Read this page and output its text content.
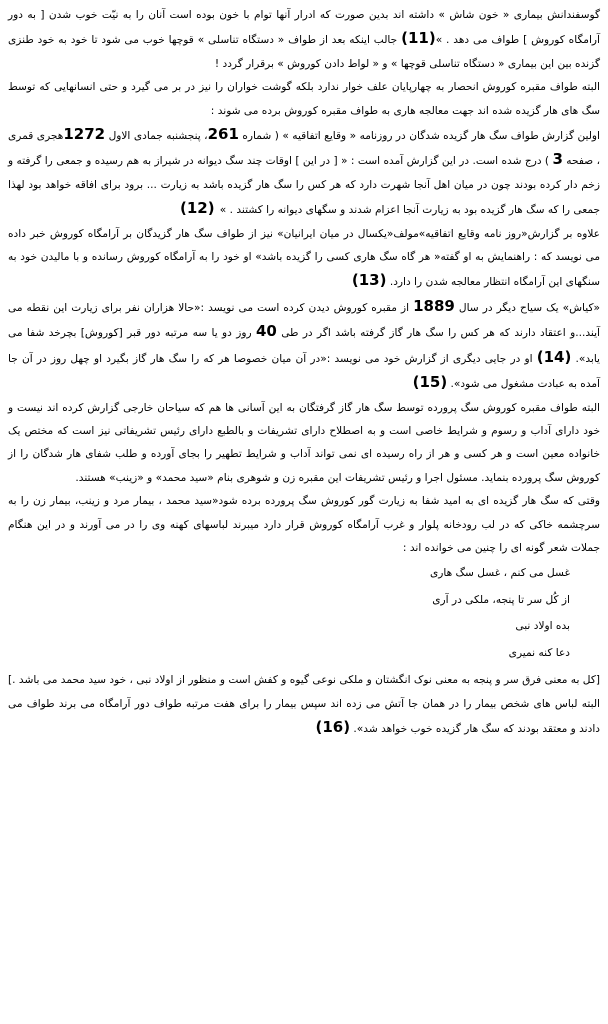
گوسفندانش بیماری « خون شاش » داشته اند بدین صورت که ادرار آنها توام با خون بوده است آنان را به نیّت خوب شدن [ به دور آرامگاه کوروش ] طواف می دهد . »(11) جالب اینکه بعد از طواف « دستگاه تناسلی » قوچها خوب می شود تا خود به خود طنزی گزنده بین این بیماری « دستگاه تناسلی قوچها » و « لواط دادن کوروش » برقرار گردد !

البته طواف مقبره کوروش انحصار به چهارپایان علف خوار ندارد بلکه گوشت خواران را نیز در بر می گیرد و حتی انسانهایی که توسط سگ های هار گزیده شده اند جهت معالجه هاری به طواف مقبره کوروش برده می شوند :

اولین گزارش طواف سگ هار گزیده شدگان در روزنامه « وقایع اتفاقیه » ( شماره 261، پنجشنبه جمادی الاول 1272هجری قمری ، صفحه 3 ) درج شده است. در این گزارش آمده است : « [ در این ] اوقات چند سگ دیوانه در شیراز به هم رسیده و جمعی را گرفته و زخم دار کرده بودند چون در میان اهل آنجا شهرت دارد که هر کس را سگ هار گزیده باشد به زیارت ... برود برای افاقه خواهد بود لهذا جمعی را که سگ هار گزیده بود به زیارت آنجا اعزام شدند و سگهای دیوانه را کشتند . » (12)

علاوه بر گزارش«روز نامه وقایع اتفاقیه»مولف«یکسال در میان ایرانیان» نیز از طواف سگ هار گزیدگان بر آرامگاه کوروش خبر داده می نویسد که : راهنمایش به او گفته« هر گاه سگ هاری کسی را گزیده باشد» او خود را به آرامگاه کوروش رسانده و با مالیدن خود به سنگهای این آرامگاه انتظار معالجه شدن را دارد. (13)

«کیاش» یک سیاح دیگر در سال 1889 از مقبره کوروش دیدن کرده است می نویسد :«حالا هزاران نفر برای زیارت این نقطه می آیند...و اعتقاد دارند که هر کس را سگ هار گاز گرفته باشد اگر در طی 40 روز دو یا سه مرتبه دور قبر [کوروش] بچرخد شفا می یابد». (14) او در جایی دیگری از گزارش خود می نویسد :«در آن میان خصوصا هر که را سگ هار گاز بگیرد او چهل روز در آن جا آمده به عبادت مشغول می شود». (15)

البته طواف مقبره کوروش سگ پرورده توسط سگ هار گاز گرفتگان به این آسانی ها هم که سیاحان خارجی گزارش کرده اند نیست و خود دارای آداب و رسوم و شرایط خاصی است و به اصطلاح دارای تشریفات و بالطبع دارای رئیس تشریفاتی نیز است که مختص یک خانواده معین است و هر کسی و هر از راه رسیده ای نمی تواند آداب و شرایط تطهیر را بجای آورده و طلب شفای هار شدگان را از کوروش سگ پرورده بنماید. مسئول اجرا و رئیس تشریفات این مقبره زن و شوهری بنام «سید محمد» و «زینب» هستند.

وقتی که سگ هار گزیده ای به امید شفا به زیارت گور کوروش سگ پرورده برده شود«سید محمد ، بیمار مرد و زینب، بیمار زن را به سرچشمه خاکی که در لب رودخانه پلوار و غرب آرامگاه کوروش قرار دارد میبرند لباسهای کهنه وی را در می آورند و در این هنگام جملات شعر گونه ای را چنین می خوانده اند :

غسل می کنم ، غسل سگ هاری

از کُل سر تا پنجه، ملکی در آری

بده اولاد نبی

دعا کنه نمیری

[کل به معنی فرق سر و پنجه به معنی نوک انگشتان و ملکی نوعی گیوه و کفش است و منظور از اولاد نبی ، خود سید محمد می باشد .] البته لباس های شخص بیمار را در همان جا آتش می زده اند سپس بیمار را برای هفت مرتبه طواف دور آرامگاه می برند طواف می دادند و معتقد بودند که سگ هار گزیده خوب خواهد شد». (16)
